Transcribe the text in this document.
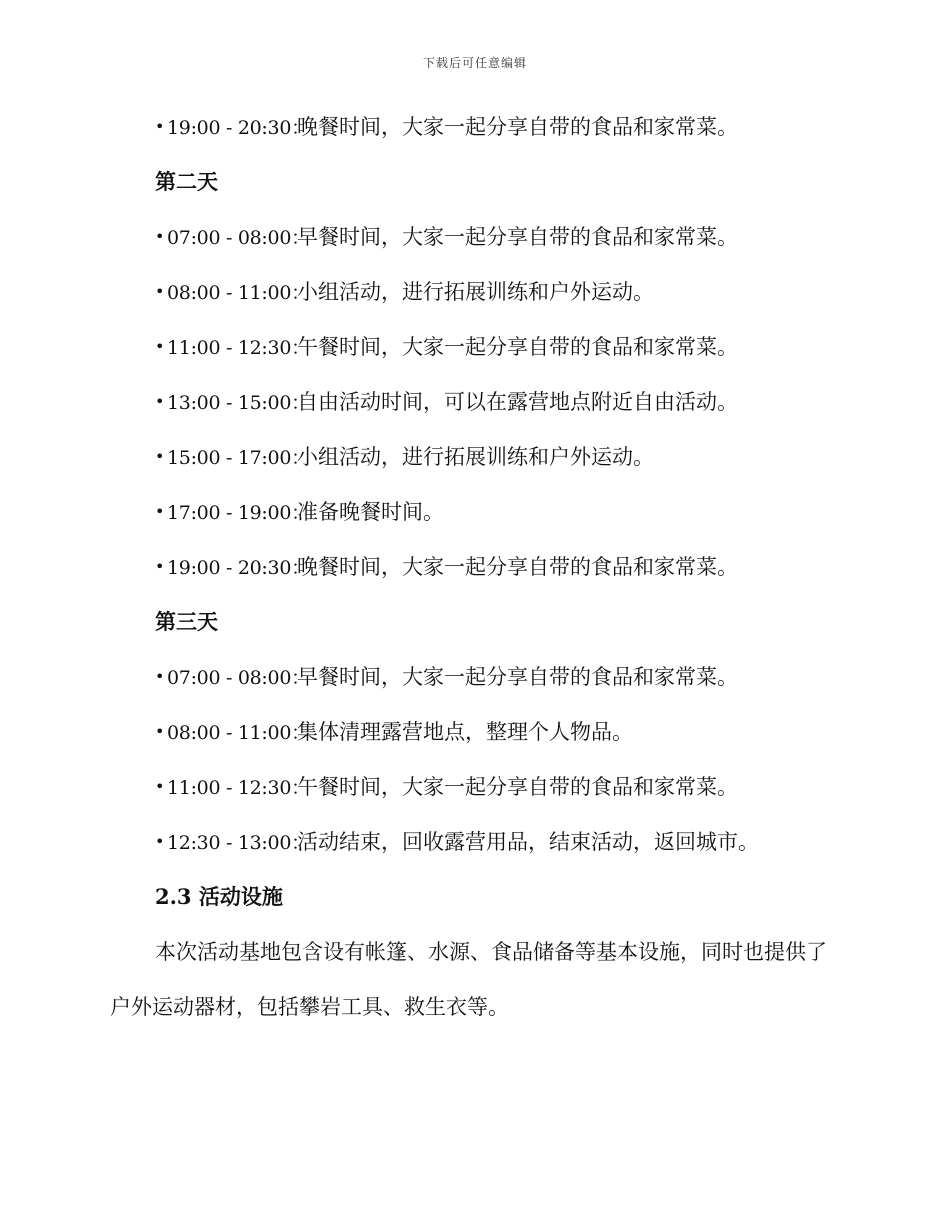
下载后可任意编辑
• 19:00 - 20:30：晚餐时间，大家一起分享自带的食品和家常菜。
第二天
• 07:00 - 08:00：早餐时间，大家一起分享自带的食品和家常菜。
• 08:00 - 11:00：小组活动，进行拓展训练和户外运动。
• 11:00 - 12:30：午餐时间，大家一起分享自带的食品和家常菜。
• 13:00 - 15:00：自由活动时间，可以在露营地点附近自由活动。
• 15:00 - 17:00：小组活动，进行拓展训练和户外运动。
• 17:00 - 19:00：准备晚餐时间。
• 19:00 - 20:30：晚餐时间，大家一起分享自带的食品和家常菜。
第三天
• 07:00 - 08:00：早餐时间，大家一起分享自带的食品和家常菜。
• 08:00 - 11:00：集体清理露营地点，整理个人物品。
• 11:00 - 12:30：午餐时间，大家一起分享自带的食品和家常菜。
• 12:30 - 13:00：活动结束，回收露营用品，结束活动，返回城市。
2.3 活动设施
本次活动基地包含设有帐篷、水源、食品储备等基本设施，同时也提供了户外运动器材，包括攀岩工具、救生衣等。
